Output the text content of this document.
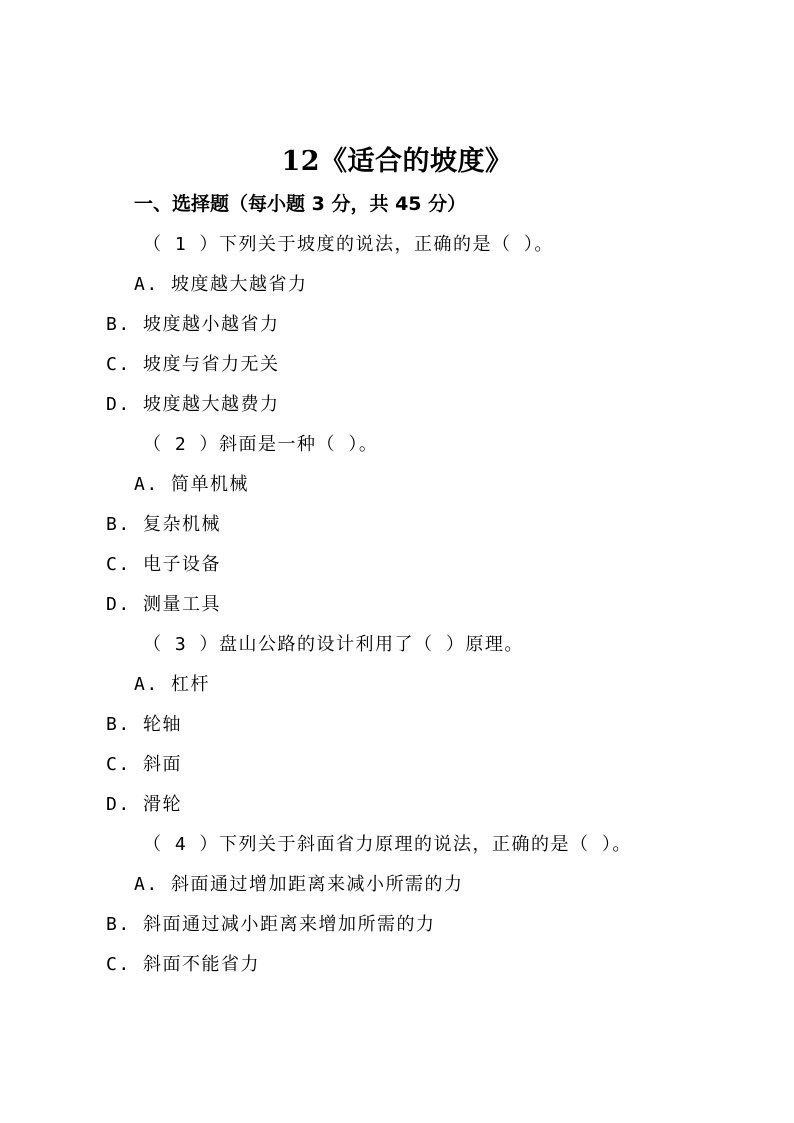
12《适合的坡度》
一、选择题（每小题 3 分，共 45 分）
（ 1 ）下列关于坡度的说法，正确的是（ ）。
A. 坡度越大越省力
B. 坡度越小越省力
C. 坡度与省力无关
D. 坡度越大越费力
（ 2 ）斜面是一种（ ）。
A. 简单机械
B. 复杂机械
C. 电子设备
D. 测量工具
（ 3 ）盘山公路的设计利用了（ ）原理。
A. 杠杆
B. 轮轴
C. 斜面
D. 滑轮
（ 4 ）下列关于斜面省力原理的说法，正确的是（ ）。
A. 斜面通过增加距离来减小所需的力
B. 斜面通过减小距离来增加所需的力
C. 斜面不能省力
